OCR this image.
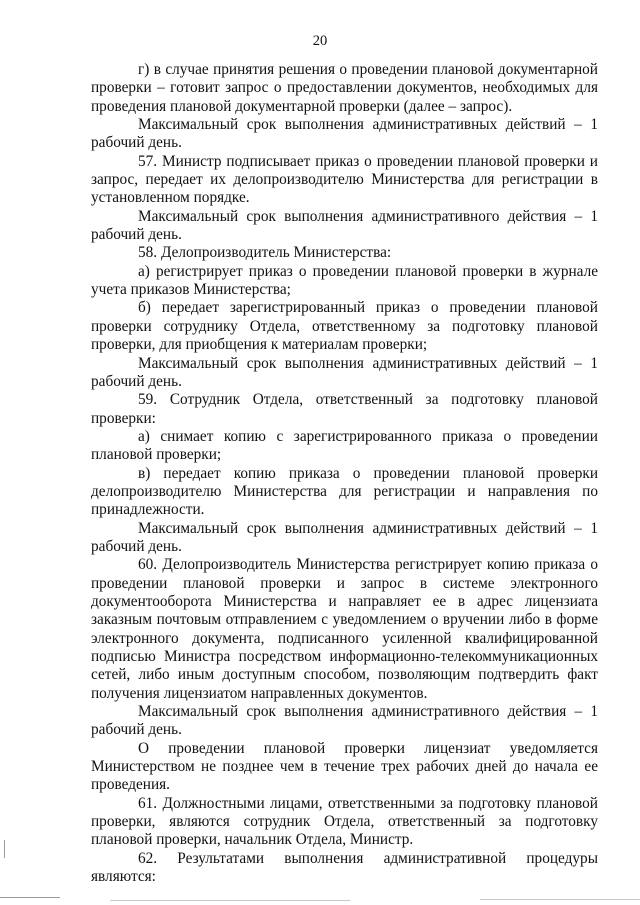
20

г) в случае принятия решения о проведении плановой документарной проверки – готовит запрос о предоставлении документов, необходимых для проведения плановой документарной проверки (далее – запрос).

Максимальный срок выполнения административных действий – 1 рабочий день.

57. Министр подписывает приказ о проведении плановой проверки и запрос, передает их делопроизводителю Министерства для регистрации в установленном порядке.

Максимальный срок выполнения административного действия – 1 рабочий день.

58. Делопроизводитель Министерства:

а) регистрирует приказ о проведении плановой проверки в журнале учета приказов Министерства;

б) передает зарегистрированный приказ о проведении плановой проверки сотруднику Отдела, ответственному за подготовку плановой проверки, для приобщения к материалам проверки;

Максимальный срок выполнения административных действий – 1 рабочий день.

59. Сотрудник Отдела, ответственный за подготовку плановой проверки:

а) снимает копию с зарегистрированного приказа о проведении плановой проверки;

в) передает копию приказа о проведении плановой проверки делопроизводителю Министерства для регистрации и направления по принадлежности.

Максимальный срок выполнения административных действий – 1 рабочий день.

60. Делопроизводитель Министерства регистрирует копию приказа о проведении плановой проверки и запрос в системе электронного документооборота Министерства и направляет ее в адрес лицензиата заказным почтовым отправлением с уведомлением о вручении либо в форме электронного документа, подписанного усиленной квалифицированной подписью Министра посредством информационно-телекоммуникационных сетей, либо иным доступным способом, позволяющим подтвердить факт получения лицензиатом направленных документов.

Максимальный срок выполнения административного действия – 1 рабочий день.

О проведении плановой проверки лицензиат уведомляется Министерством не позднее чем в течение трех рабочих дней до начала ее проведения.

61. Должностными лицами, ответственными за подготовку плановой проверки, являются сотрудник Отдела, ответственный за подготовку плановой проверки, начальник Отдела, Министр.

62. Результатами выполнения административной процедуры являются:
